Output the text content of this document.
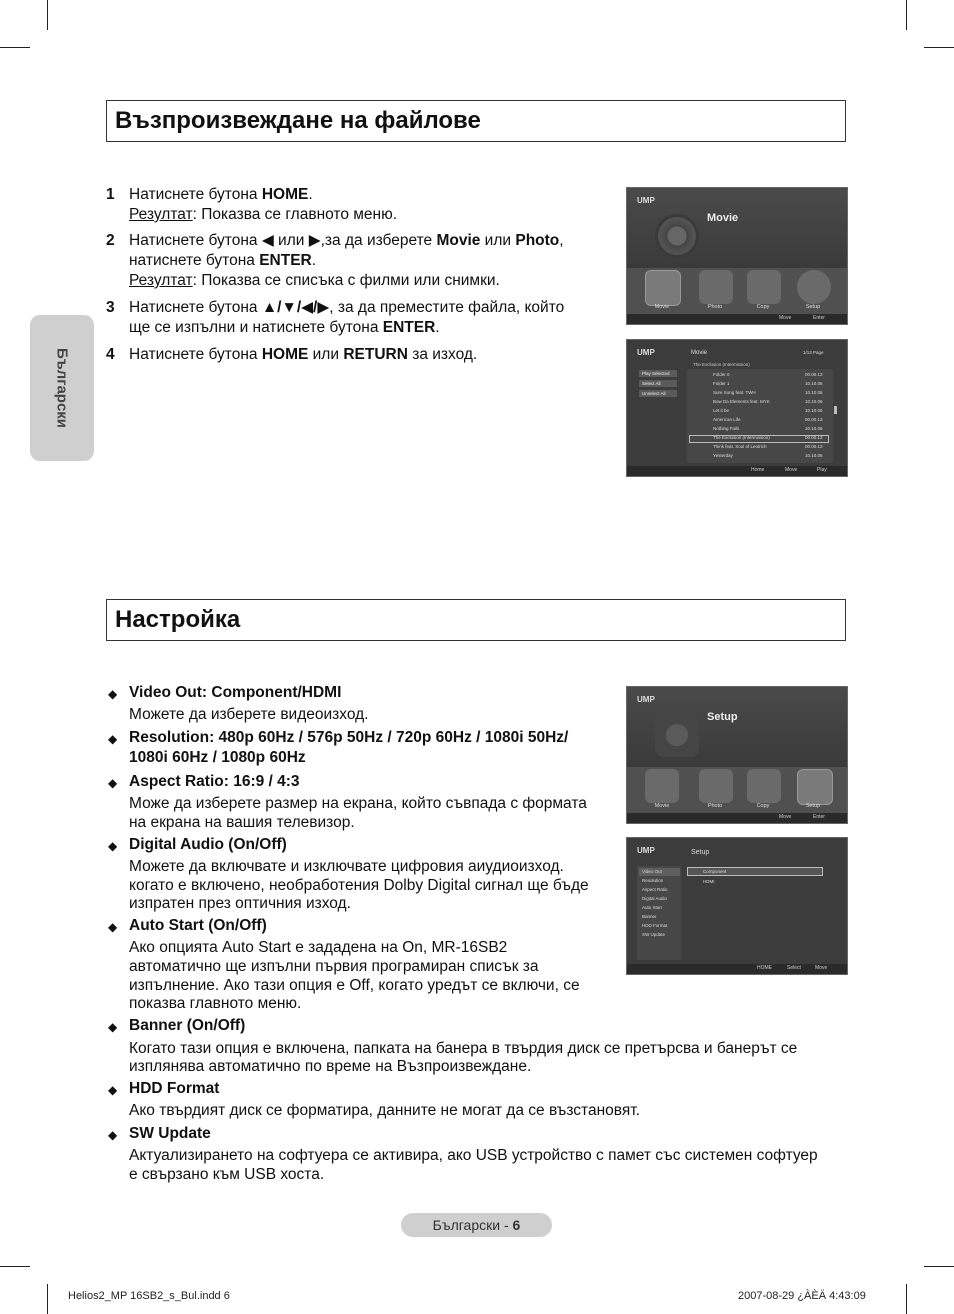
Български
Възпроизвеждане на файлове
1 Натиснете бутона HOME.
Резултат: Показва се главното меню.
2 Натиснете бутона ◀ или ▶,за да изберете Movie или Photo,
натиснете бутона ENTER.
Резултат: Показва се списъка с филми или снимки.
3 Натиснете бутона ▲/▼/◀/▶, за да преместите файла, който
ще се изпълни и натиснете бутона ENTER.
4 Натиснете бутона HOME или RETURN за изход.
UMP
Movie
Movie	Photo	Copy	Setup
Move	Enter
UMP	Movie	1/13 Page
The Exclusion (Intermission)
Play Selected
Select All
Unselect All
Folder 0	00.00.13
Folder 1	10.10.06
Sure Song feat. TWH	10.10.06
Bow Da Elements feat. MYK	10.10.06
Let it be	10.10.06
American Life	00.00.13
Nothing Fails	10.10.06
The Exclusion (Intermission)	00.00.13
Think feat. Soul of Leotrich	00.00.13
Yesterday	10.10.06
Home	Move	Play
Настройка
◆ Video Out: Component/HDMI
Можете да изберете видеоизход.
◆ Resolution: 480p 60Hz / 576p 50Hz / 720p 60Hz / 1080i 50Hz/
1080i 60Hz / 1080p 60Hz
◆ Aspect Ratio: 16:9 / 4:3
Може да изберете размер на екрана, който съвпада с формата
на екрана на вашия телевизор.
◆ Digital Audio (On/Off)
Можете да включвате и изключвате цифровия аиудиоизход.
когато е включено, необработения Dolby Digital сигнал ще бъде
изпратен през оптичния изход.
◆ Auto Start (On/Off)
Ако опцията Auto Start е зададена на On, MR-16SB2
автоматично ще изпълни първия програмиран списък за
изпълнение. Ако тази опция е Off, когато уредът се включи, се
показва главното меню.
◆ Banner (On/Off)
Когато тази опция е включена, папката на банера в твърдия диск се претърсва и банерът се
изплянява автоматично по време на Възпроизвеждане.
◆ HDD Format
Ако твърдият диск се форматира, данните не могат да се възстановят.
◆ SW Update
Актуализирането на софтуера се активира, ако USB устройство с памет със системен софтуер
е свързано към USB хоста.
UMP
Setup
Movie	Photo	Copy	Setup
Move	Enter
UMP	Setup
Video Out
Resolution
Aspect Ratio
Digital Audio
Auto Start
Banner
HDD Format
SW Update
Component
HDMI
HOME	Select	Move
Български - 6
Helios2_MP 16SB2_s_Bul.indd 6	2007-08-29 ¿ÀÈÄ 4:43:09
